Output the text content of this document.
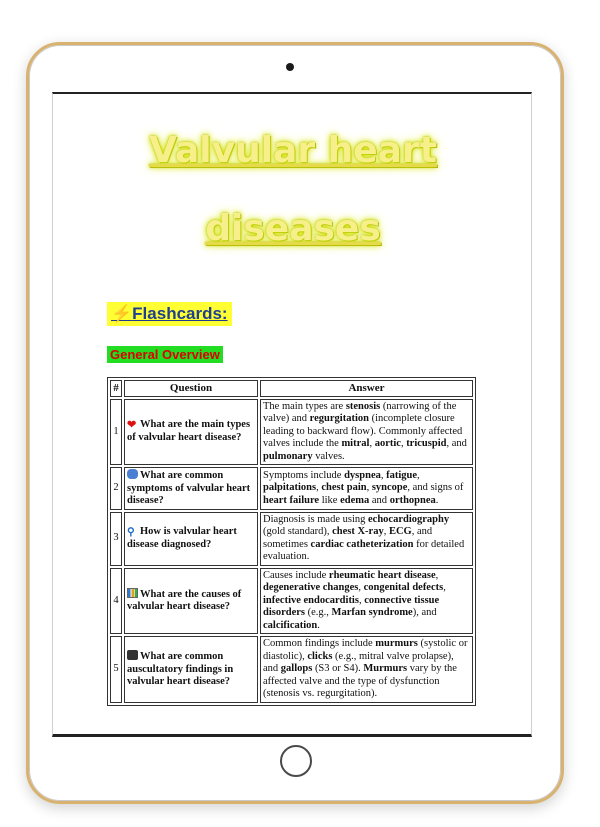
Valvular heart
diseases
⚡Flashcards:
General Overview
#	Question	Answer
1	❤ What are the main types of valvular heart disease?	The main types are stenosis (narrowing of the valve) and regurgitation (incomplete closure leading to backward flow). Commonly affected valves include the mitral, aortic, tricuspid, and pulmonary valves.
2	What are common symptoms of valvular heart disease?	Symptoms include dyspnea, fatigue, palpitations, chest pain, syncope, and signs of heart failure like edema and orthopnea.
3	⚲ How is valvular heart disease diagnosed?	Diagnosis is made using echocardiography (gold standard), chest X-ray, ECG, and sometimes cardiac catheterization for detailed evaluation.
4	What are the causes of valvular heart disease?	Causes include rheumatic heart disease, degenerative changes, congenital defects, infective endocarditis, connective tissue disorders (e.g., Marfan syndrome), and calcification.
5	What are common auscultatory findings in valvular heart disease?	Common findings include murmurs (systolic or diastolic), clicks (e.g., mitral valve prolapse), and gallops (S3 or S4). Murmurs vary by the affected valve and the type of dysfunction (stenosis vs. regurgitation).
